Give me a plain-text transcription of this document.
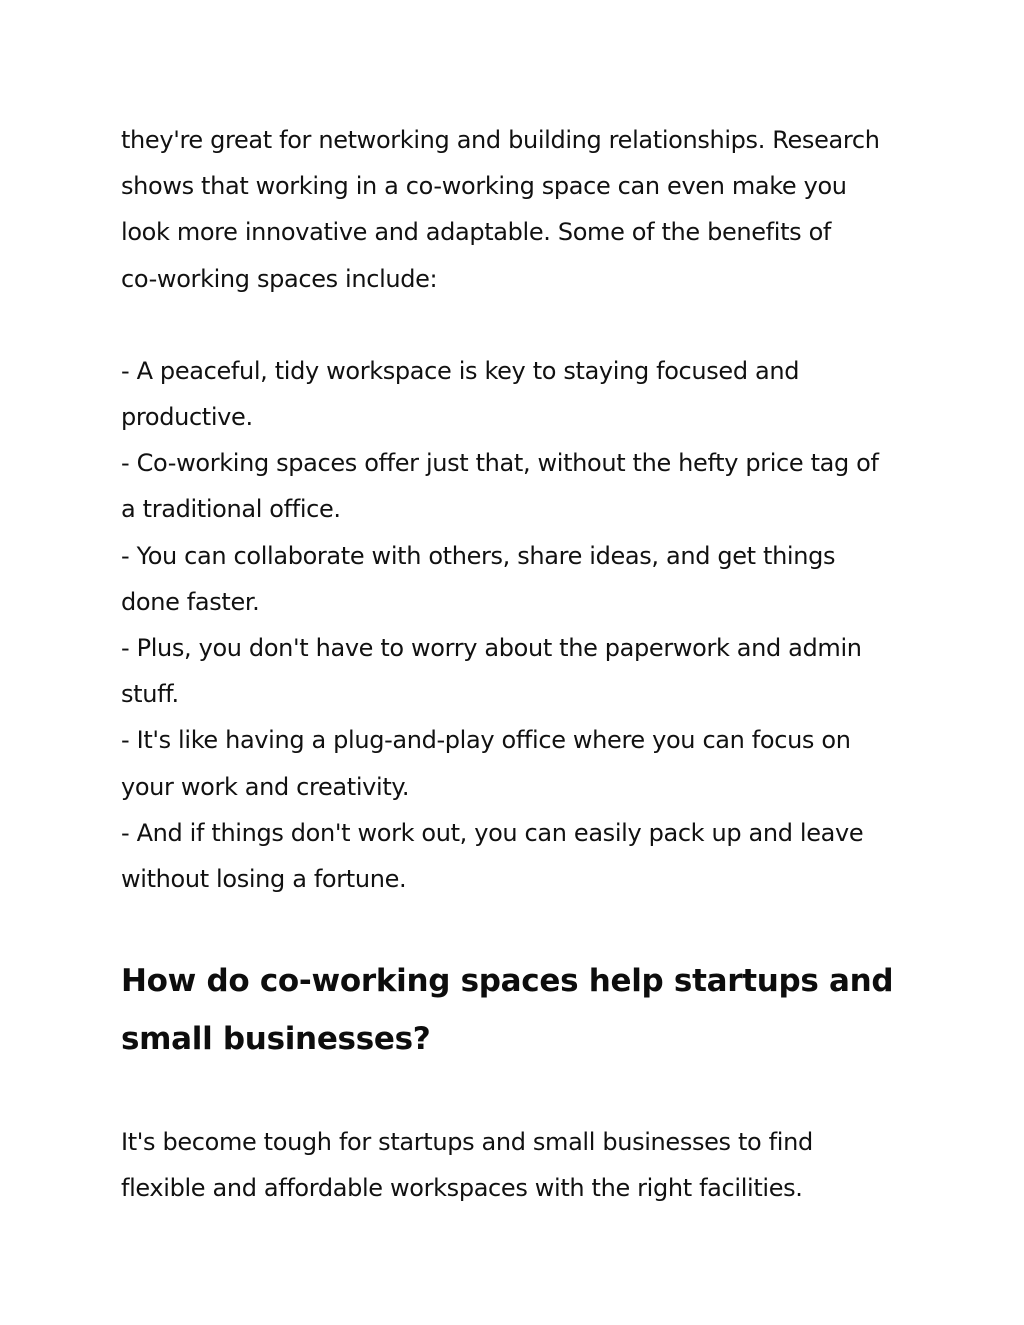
they're great for networking and building relationships. Research
shows that working in a co-working space can even make you
look more innovative and adaptable. Some of the benefits of
co-working spaces include:

- A peaceful, tidy workspace is key to staying focused and
productive.
- Co-working spaces offer just that, without the hefty price tag of
a traditional office.
- You can collaborate with others, share ideas, and get things
done faster.
- Plus, you don't have to worry about the paperwork and admin
stuff.
- It's like having a plug-and-play office where you can focus on
your work and creativity.
- And if things don't work out, you can easily pack up and leave
without losing a fortune.
How do co-working spaces help startups and
small businesses?

It's become tough for startups and small businesses to find
flexible and affordable workspaces with the right facilities.
